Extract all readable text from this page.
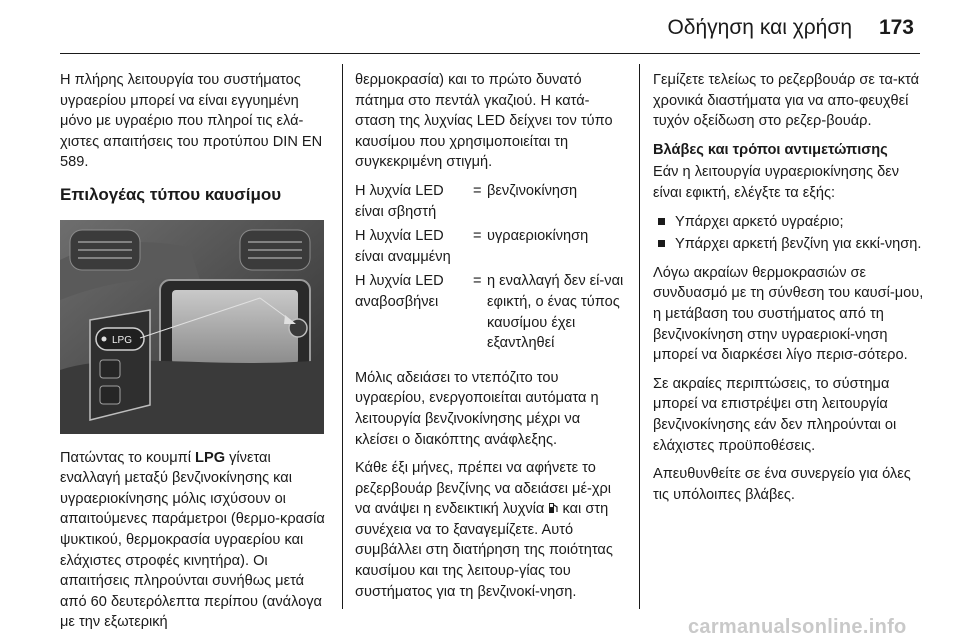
Οδήγηση και χρήση 173

Η πλήρης λειτουργία του συστήματος υγραερίου μπορεί να είναι εγγυημένη μόνο με υγραέριο που πληροί τις ελά-χιστες απαιτήσεις του προτύπου DIN EN 589.

Επιλογέας τύπου καυσίμου
LPG

Πατώντας το κουμπί LPG γίνεται εναλλαγή μεταξύ βενζινοκίνησης και υγραεριοκίνησης μόλις ισχύσουν οι απαιτούμενες παράμετροι (θερμο-κρασία ψυκτικού, θερμοκρασία υγραερίου και ελάχιστες στροφές κινητήρα). Οι απαιτήσεις πληρούνται συνήθως μετά από 60 δευτερόλεπτα περίπου (ανάλογα με την εξωτερική

θερμοκρασία) και το πρώτο δυνατό πάτημα στο πεντάλ γκαζιού. Η κατά-σταση της λυχνίας LED δείχνει τον τύπο καυσίμου που χρησιμοποιείται τη συγκεκριμένη στιγμή.

Η λυχνία LED είναι σβηστή	=	βενζινοκίνηση
Η λυχνία LED είναι αναμμένη	=	υγραεριοκίνηση
Η λυχνία LED αναβοσβήνει	=	η εναλλαγή δεν εί-ναι εφικτή, ο ένας τύπος καυσίμου έχει εξαντληθεί

Μόλις αδειάσει το ντεπόζιτο του υγραερίου, ενεργοποιείται αυτόματα η λειτουργία βενζινοκίνησης μέχρι να κλείσει ο διακόπτης ανάφλεξης.

Κάθε έξι μήνες, πρέπει να αφήνετε το ρεζερβουάρ βενζίνης να αδειάσει μέ-χρι να ανάψει η ενδεικτική λυχνία και στη συνέχεια να το ξαναγεμίζετε. Αυτό συμβάλλει στη διατήρηση της ποιότητας καυσίμου και της λειτουρ-γίας του συστήματος για τη βενζινοκί-νηση.

Γεμίζετε τελείως το ρεζερβουάρ σε τα-κτά χρονικά διαστήματα για να απο-φευχθεί τυχόν οξείδωση στο ρεζερ-βουάρ.

Βλάβες και τρόποι αντιμετώπισης

Εάν η λειτουργία υγραεριοκίνησης δεν είναι εφικτή, ελέγξτε τα εξής:

Υπάρχει αρκετό υγραέριο;
Υπάρχει αρκετή βενζίνη για εκκί-νηση.

Λόγω ακραίων θερμοκρασιών σε συνδυασμό με τη σύνθεση του καυσί-μου, η μετάβαση του συστήματος από τη βενζινοκίνηση στην υγραεριοκί-νηση μπορεί να διαρκέσει λίγο περισ-σότερο.

Σε ακραίες περιπτώσεις, το σύστημα μπορεί να επιστρέψει στη λειτουργία βενζινοκίνησης εάν δεν πληρούνται οι ελάχιστες προϋποθέσεις.

Απευθυνθείτε σε ένα συνεργείο για όλες τις υπόλοιπες βλάβες.

carmanualsonline.info
